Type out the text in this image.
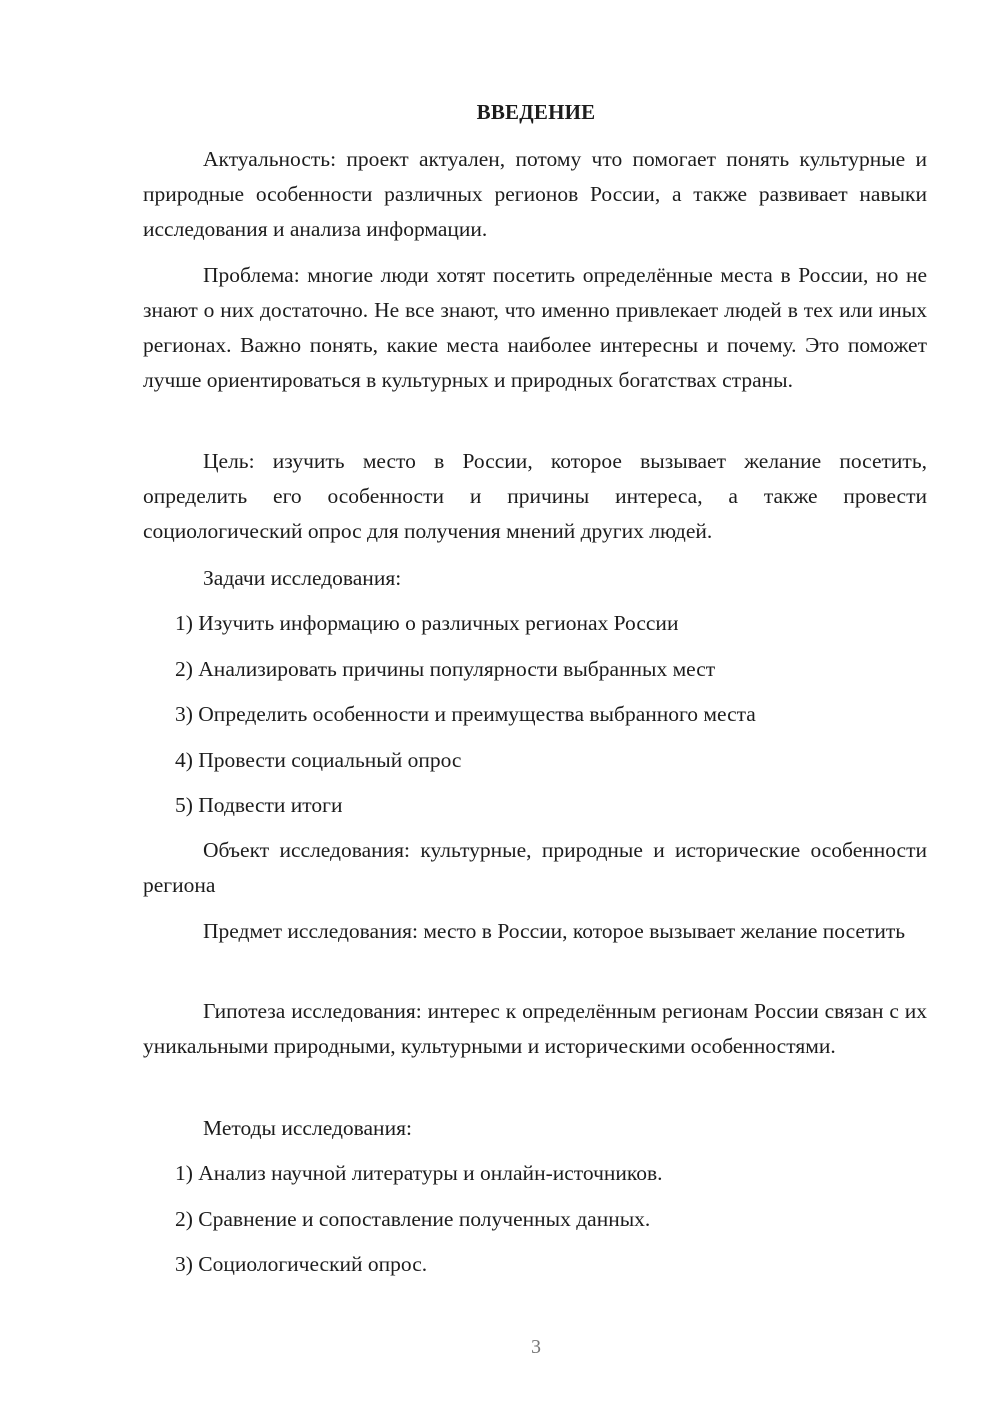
ВВЕДЕНИЕ
Актуальность: проект актуален, потому что помогает понять культурные и природные особенности различных регионов России, а также развивает навыки исследования и анализа информации.
Проблема: многие люди хотят посетить определённые места в России, но не знают о них достаточно. Не все знают, что именно привлекает людей в тех или иных регионах. Важно понять, какие места наиболее интересны и почему. Это поможет лучше ориентироваться в культурных и природных богатствах страны.
Цель: изучить место в России, которое вызывает желание посетить, определить его особенности и причины интереса, а также провести социологический опрос для получения мнений других людей.
Задачи исследования:
1) Изучить информацию о различных регионах России
2) Анализировать причины популярности выбранных мест
3) Определить особенности и преимущества выбранного места
4) Провести социальный опрос
5) Подвести итоги
Объект исследования: культурные, природные и исторические особенности региона
Предмет исследования: место в России, которое вызывает желание посетить
Гипотеза исследования: интерес к определённым регионам России связан с их уникальными природными, культурными и историческими особенностями.
Методы исследования:
1) Анализ научной литературы и онлайн-источников.
2) Сравнение и сопоставление полученных данных.
3) Социологический опрос.
3
